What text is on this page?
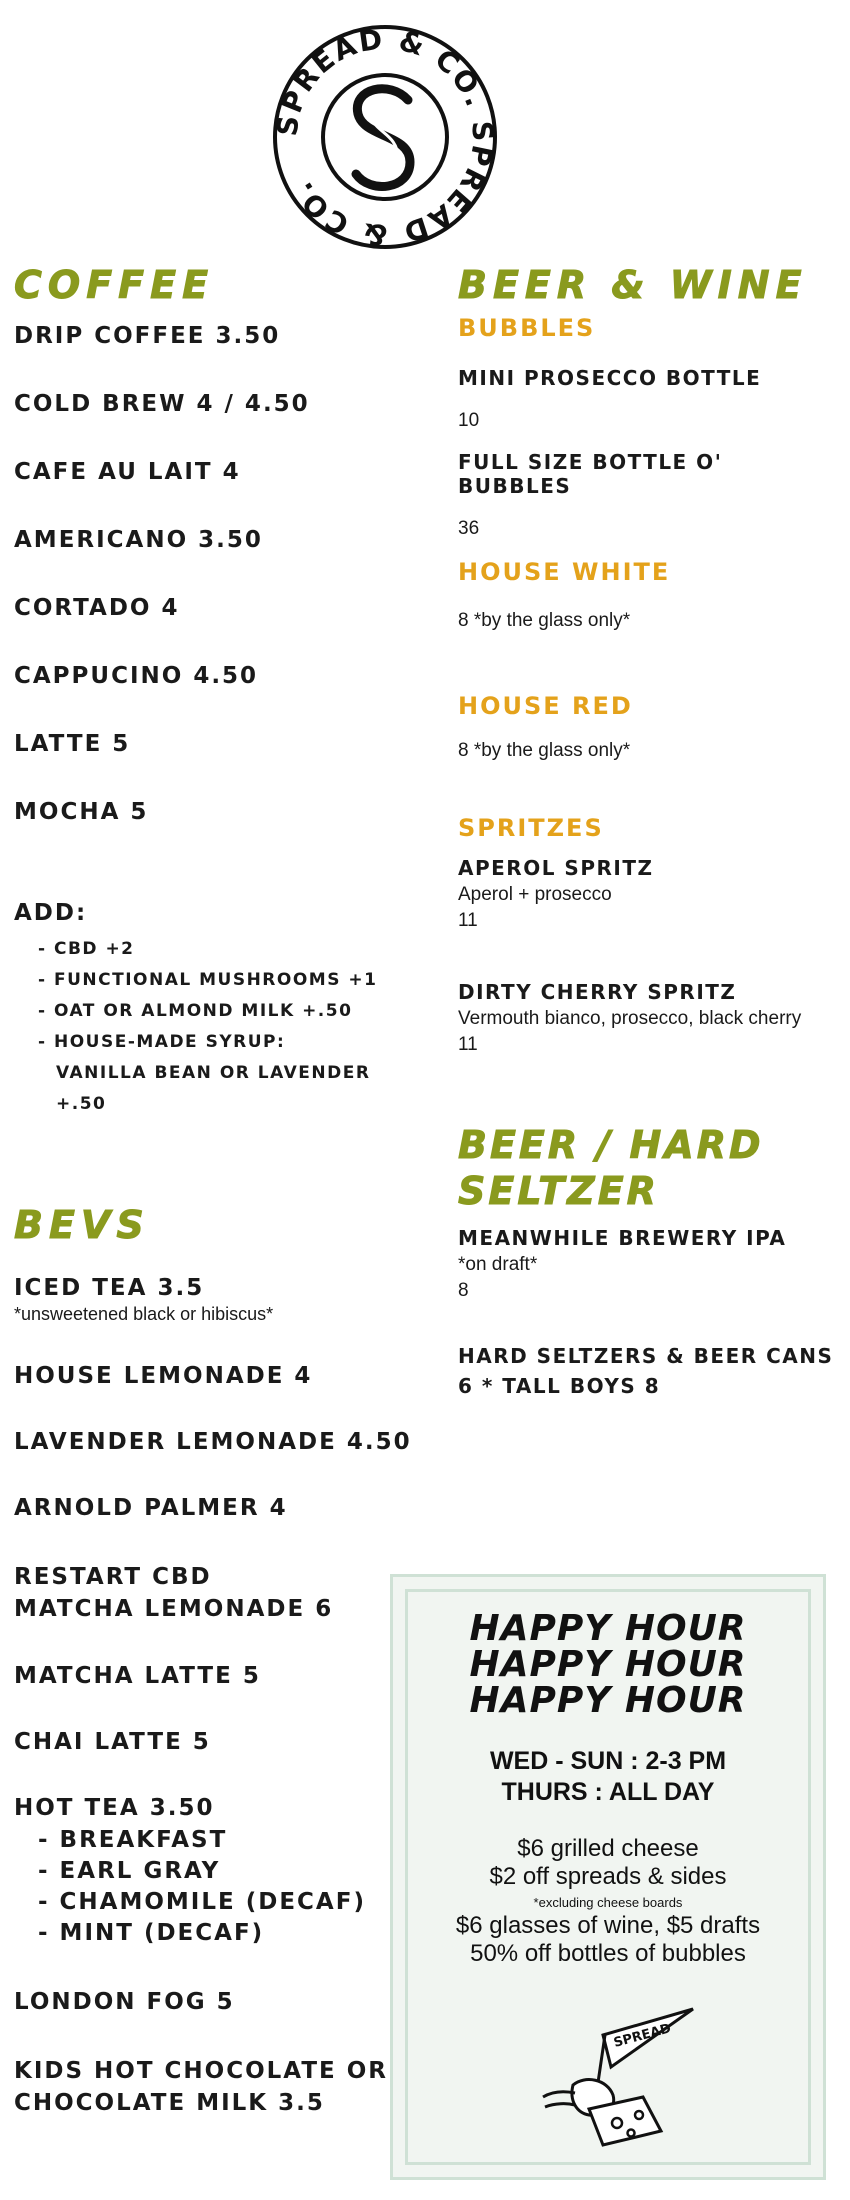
SPREAD & CO. SPREAD & CO.
COFFEE
DRIP COFFEE 3.50
COLD BREW 4 / 4.50
CAFE AU LAIT 4
AMERICANO 3.50
CORTADO 4
CAPPUCINO 4.50
LATTE 5
MOCHA 5
ADD:
- CBD +2
- FUNCTIONAL MUSHROOMS +1
- OAT OR ALMOND MILK +.50
- HOUSE-MADE SYRUP:
VANILLA BEAN OR LAVENDER
+.50
BEVS
ICED TEA 3.5
*unsweetened black or hibiscus*
HOUSE LEMONADE 4
LAVENDER LEMONADE 4.50
ARNOLD PALMER 4
RESTART CBD
MATCHA LEMONADE 6
MATCHA LATTE 5
CHAI LATTE 5
HOT TEA 3.50
- BREAKFAST
- EARL GRAY
- CHAMOMILE (DECAF)
- MINT (DECAF)
LONDON FOG 5
KIDS HOT CHOCOLATE OR
CHOCOLATE MILK 3.5
BEER & WINE
BUBBLES
MINI PROSECCO BOTTLE
10
FULL SIZE BOTTLE O' BUBBLES
36
HOUSE WHITE
8 *by the glass only*
HOUSE RED
8 *by the glass only*
SPRITZES
APEROL SPRITZ
Aperol + prosecco
11
DIRTY CHERRY SPRITZ
Vermouth bianco, prosecco, black cherry
11
BEER / HARD
SELTZER
MEANWHILE BREWERY IPA
*on draft*
8
HARD SELTZERS & BEER CANS
6 * TALL BOYS 8
HAPPY HOUR
HAPPY HOUR
HAPPY HOUR
WED - SUN : 2-3 PM
THURS : ALL DAY
$6 grilled cheese
$2 off spreads & sides
*excluding cheese boards
$6 glasses of wine, $5 drafts
50% off bottles of bubbles
SPREAD
